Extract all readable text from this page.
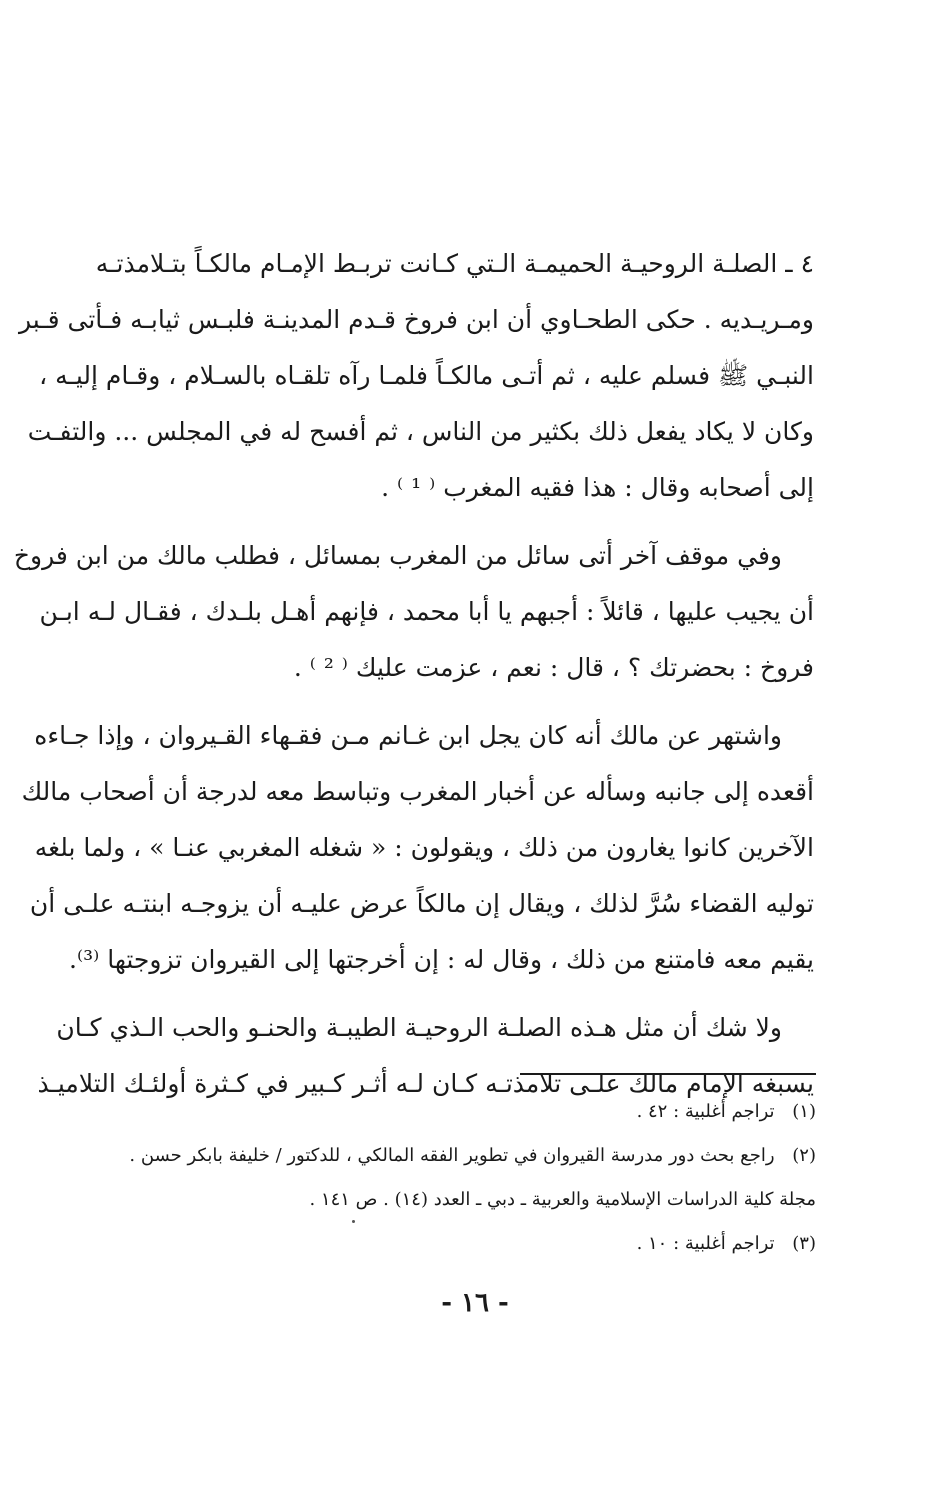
٤ ـ الصلـة الروحيـة الحميمـة الـتي كـانت تربـط الإمـام مالكـاً بتـلامذتـه

ومـريـديه . حكى الطحـاوي أن ابن فروخ قـدم المدينـة فلبـس ثيابـه فـأتى قـبر

النبـي ﷺ فسلم عليه ، ثم أتـى مالكـاً فلمـا رآه تلقـاه بالسـلام ، وقـام إليـه ،

وكان لا يكاد يفعل ذلك بكثير من الناس ، ثم أفسح له في المجلس ... والتفـت

إلى أصحابه وقال : هذا فقيه المغرب ⁽ ¹ ⁾ .

وفي موقف آخر أتى سائل من المغرب بمسائل ، فطلب مالك من ابن فروخ

أن يجيب عليها ، قائلاً : أجبهم يا أبا محمد ، فإنهم أهـل بلـدك ، فقـال لـه ابـن

فروخ : بحضرتك ؟ ، قال : نعم ، عزمت عليك ⁽ ² ⁾ .

واشتهر عن مالك أنه كان يجل ابن غـانم مـن فقـهاء القـيروان ، وإذا جـاءه

أقعده إلى جانبه وسأله عن أخبار المغرب وتباسط معه لدرجة أن أصحاب مالك

الآخرين كانوا يغارون من ذلك ، ويقولون : « شغله المغربي عنـا » ، ولما بلغه

توليه القضاء سُرَّ لذلك ، ويقال إن مالكاً عرض عليـه أن يزوجـه ابنتـه علـى أن

يقيم معه فامتنع من ذلك ، وقال له : إن أخرجتها إلى القيروان تزوجتها ⁽³⁾.

ولا شك أن مثل هـذه الصلـة الروحيـة الطيبـة والحنـو والحب الـذي كـان

يسبغه الإمام مالك علـى تلامذتـه كـان لـه أثـر كـبير في كـثرة أولئـك التلاميـذ

(١) تراجم أغلبية : ٤٢ .

(٢) راجع بحث دور مدرسة القيروان في تطوير الفقه المالكي ، للدكتور / خليفة بابكر حسن .

مجلة كلية الدراسات الإسلامية والعربية ـ دبي ـ العدد (١٤) . ص ١٤١ .

(٣) تراجم أغلبية : ١٠ .

- ١٦ -
